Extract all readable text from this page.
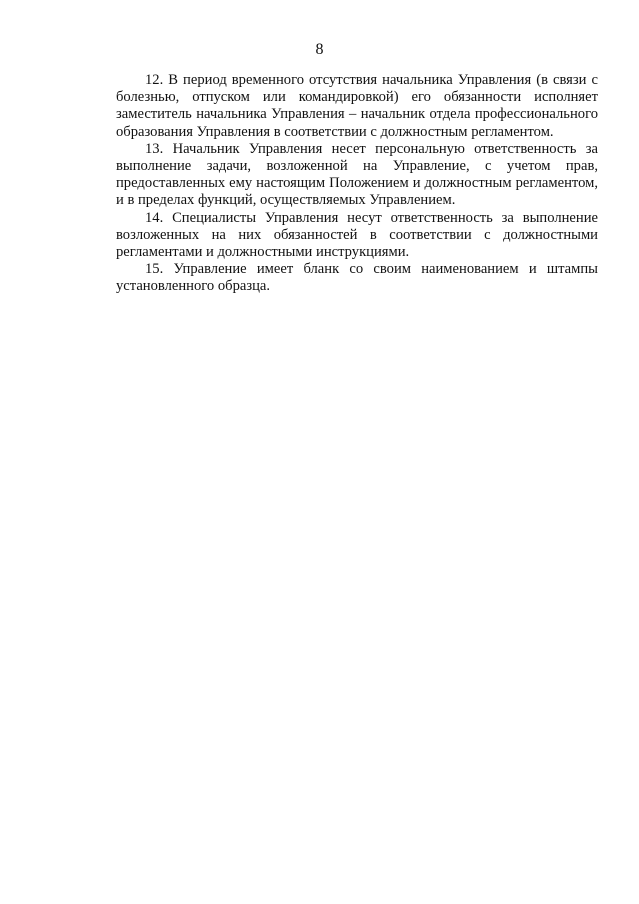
8

12. В период временного отсутствия начальника Управления (в связи с болезнью, отпуском или командировкой) его обязанности исполняет заместитель начальника Управления – начальник отдела профессионального образования Управления в соответствии с должностным регламентом.

13. Начальник Управления несет персональную ответственность за выполнение задачи, возложенной на Управление, с учетом прав, предоставленных ему настоящим Положением и должностным регламентом, и в пределах функций, осуществляемых Управлением.

14. Специалисты Управления несут ответственность за выполнение возложенных на них обязанностей в соответствии с должностными регламентами и должностными инструкциями.

15. Управление имеет бланк со своим наименованием и штампы установленного образца.
